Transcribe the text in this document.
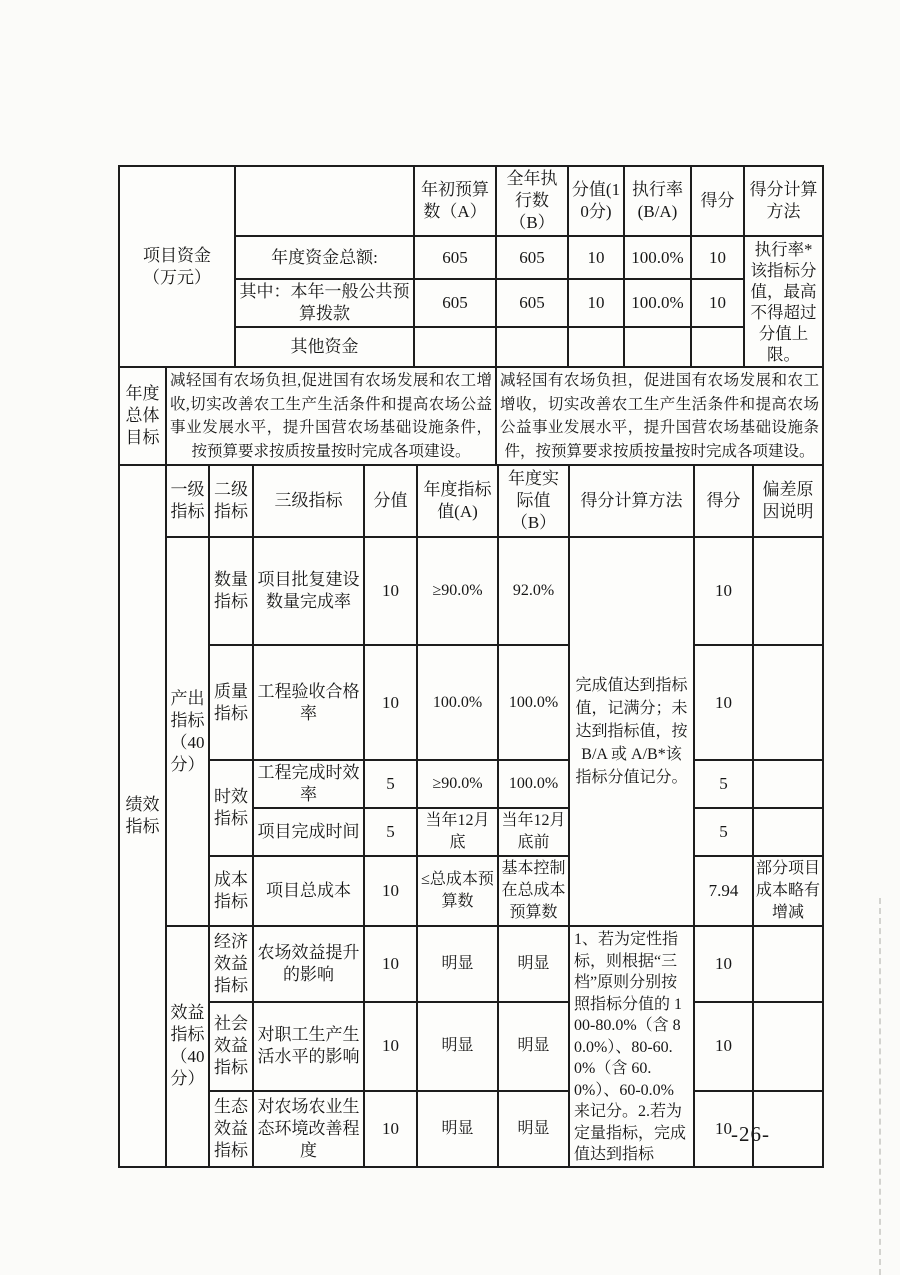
项目资金（万元）		年初预算数（A）	全年执行数（B）	分值(10分)	执行率(B/A)	得分	得分计算方法
	年度资金总额:	605	605	10	100.0%	10	执行率*该指标分值，最高不得超过分值上限。
	其中：本年一般公共预算拨款	605	605	10	100.0%	10	
	其他资金						
年度总体目标	减轻国有农场负担,促进国有农场发展和农工增收,切实改善农工生产生活条件和提高农场公益事业发展水平，提升国营农场基础设施条件，按预算要求按质按量按时完成各项建设。	减轻国有农场负担，促进国有农场发展和农工增收，切实改善农工生产生活条件和提高农场公益事业发展水平，提升国营农场基础设施条件，按预算要求按质按量按时完成各项建设。
绩效指标	一级指标	二级指标	三级指标	分值	年度指标值(A)	年度实际值（B）	得分计算方法	得分	偏差原因说明
	产出指标（40分）	数量指标	项目批复建设数量完成率	10	≥90.0%	92.0%	完成值达到指标值，记满分；未达到指标值，按 B/A 或 A/B*该指标分值记分。	10	
		质量指标	工程验收合格率	10	100.0%	100.0%		10	
		时效指标	工程完成时效率	5	≥90.0%	100.0%		5	
			项目完成时间	5	当年12月底	当年12月底前		5	
		成本指标	项目总成本	10	≤总成本预算数	基本控制在总成本预算数		7.94	部分项目成本略有增减
	效益指标（40分）	经济效益指标	农场效益提升的影响	10	明显	明显	1、若为定性指标，则根据“三档”原则分别按照指标分值的 100-80.0%（含 80.0%）、80-60.0%（含 60.0%）、60-0.0%来记分。2.若为定量指标，完成值达到指标	10	
		社会效益指标	对职工生产生活水平的影响	10	明显	明显		10	
		生态效益指标	对农场农业生态环境改善程度	10	明显	明显		10	-26-
